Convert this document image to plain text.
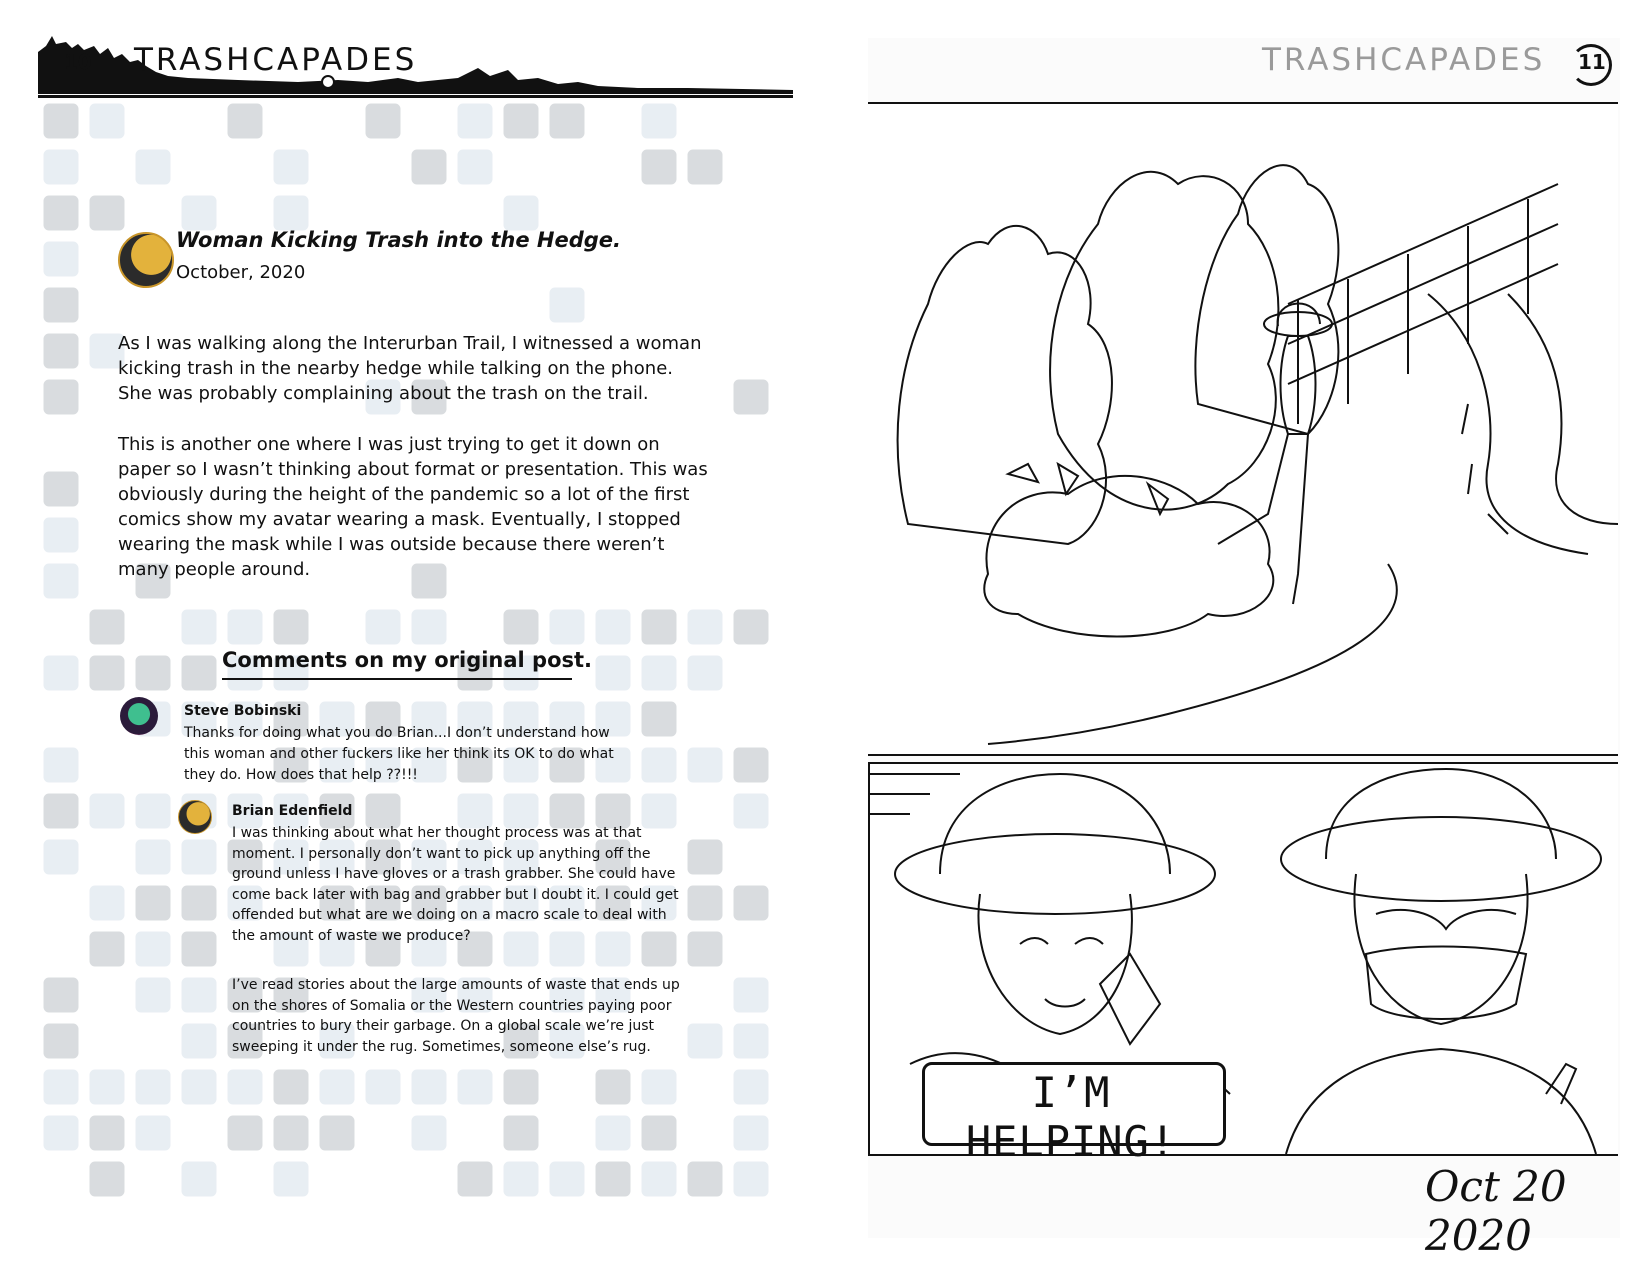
10 TRASHCAPADES
Woman Kicking Trash into the Hedge.
October, 2020

As I was walking along the Interurban Trail, I witnessed a woman kicking trash in the nearby hedge while talking on the phone. She was probably complaining about the trash on the trail.

This is another one where I was just trying to get it down on paper so I wasn’t thinking about format or presentation. This was obviously during the height of the pandemic so a lot of the first comics show my avatar wearing a mask. Eventually, I stopped wearing the mask while I was outside because there weren’t many people around.

Comments on my original post.
Steve Bobinski

Thanks for doing what you do Brian...I don’t understand how this woman and other fuckers like her think its OK to do what they do. How does that help ??!!!

Brian Edenfield

I was thinking about what her thought process was at that moment. I personally don’t want to pick up anything off the ground unless I have gloves or a trash grabber. She could have come back later with bag and grabber but I doubt it. I could get offended but what are we doing on a macro scale to deal with the amount of waste we produce?

I’ve read stories about the large amounts of waste that ends up on the shores of Somalia or the Western countries paying poor countries to bury their garbage. On a global scale we’re just sweeping it under the rug. Sometimes, someone else’s rug.

TRASHCAPADES 11
I’M HELPING!
Oct 20 2020
